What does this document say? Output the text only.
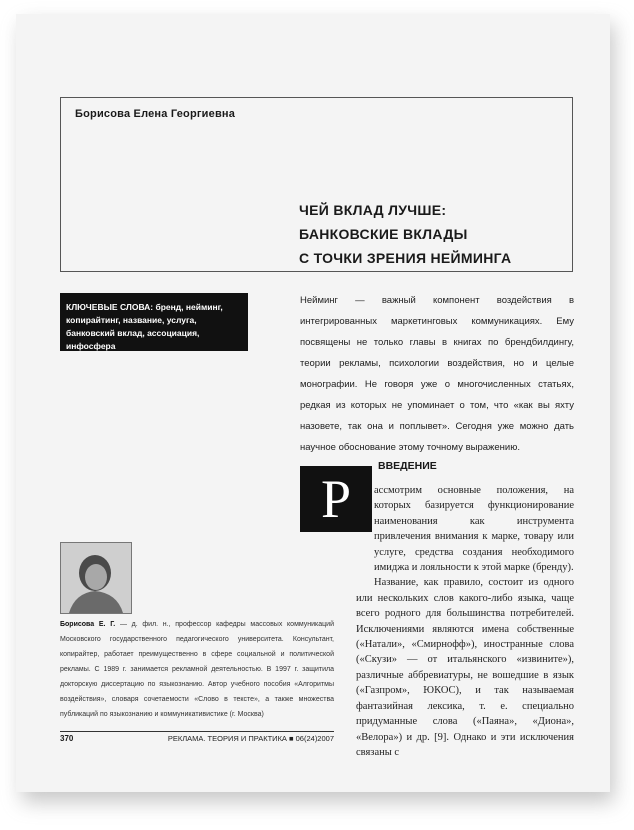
Борисова Елена Георгиевна
ЧЕЙ ВКЛАД ЛУЧШЕ:
БАНКОВСКИЕ ВКЛАДЫ
С ТОЧКИ ЗРЕНИЯ НЕЙМИНГА
КЛЮЧЕВЫЕ СЛОВА: бренд, нейминг, копирайтинг, название, услуга, банковский вклад, ассоциация, инфосфера
Нейминг — важный компонент воздействия в интегрированных маркетинговых коммуникациях. Ему посвящены не только главы в книгах по брендбилдингу, теории рекламы, психологии воздействия, но и целые монографии. Не говоря уже о многочисленных статьях, редкая из которых не упоминает о том, что «как вы яхту назовете, так она и поплывет». Сегодня уже можно дать научное обоснование этому точному выражению.
Р
ВВЕДЕНИЕ

ассмотрим основные положения, на которых базируется функционирование наименования как инструмента привлечения внимания к марке, товару или услуге, средства создания необходимого имиджа и лояльности к этой марке (бренду).

Название, как правило, состоит из одного или нескольких слов какого-либо языка, чаще всего родного для большинства потребителей. Исключениями являются имена собственные («Натали», «Смирнофф»), иностранные слова («Скузи» — от итальянского «извините»), различные аббревиатуры, не вошедшие в язык («Газпром», ЮКОС), и так называемая фантазийная лексика, т. е. специально придуманные слова («Паяна», «Диона», «Велора») и др. [9]. Однако и эти исключения связаны с

Борисова Е. Г. — д. фил. н., профессор кафедры массовых коммуникаций Московского государственного педагогического университета. Консультант, копирайтер, работает преимущественно в сфере социальной и политической рекламы. С 1989 г. занимается рекламной деятельностью. В 1997 г. защитила докторскую диссертацию по языкознанию. Автор учебного пособия «Алгоритмы воздействия», словаря сочетаемости «Слово в тексте», а также множества публикаций по языкознанию и коммуникативистике (г. Москва)
370	РЕКЛАМА. ТЕОРИЯ И ПРАКТИКА ■ 06(24)2007
